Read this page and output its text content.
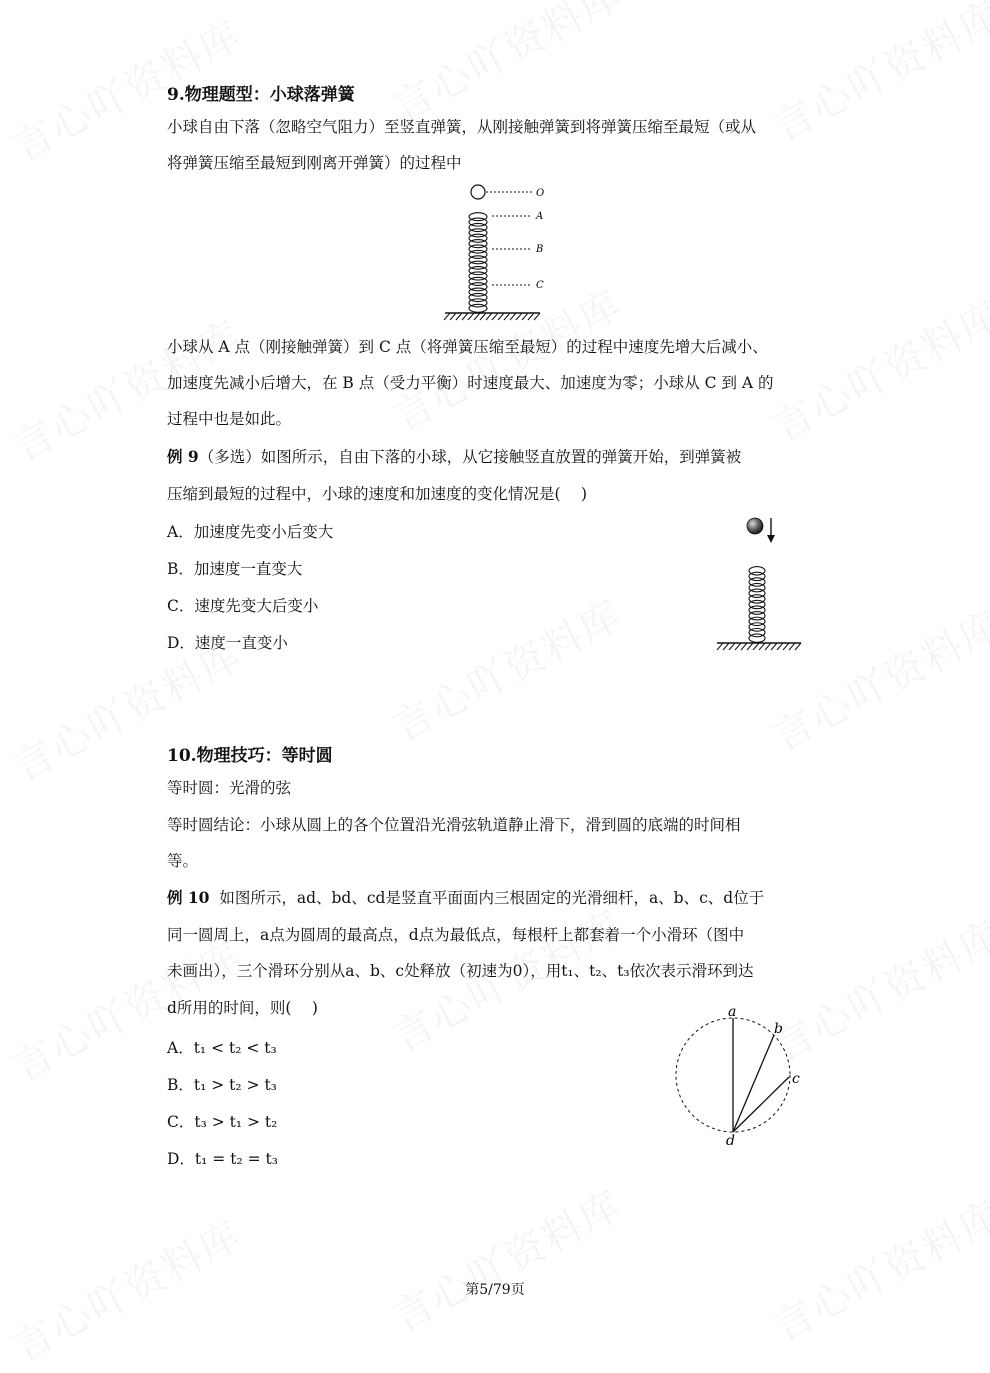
9.物理题型：小球落弹簧
小球自由下落（忽略空气阻力）至竖直弹簧，从刚接触弹簧到将弹簧压缩至最短（或从
将弹簧压缩至最短到刚离开弹簧）的过程中
O
A
B
C
小球从 A 点（刚接触弹簧）到 C 点（将弹簧压缩至最短）的过程中速度先增大后减小、
加速度先减小后增大，在 B 点（受力平衡）时速度最大、加速度为零；小球从 C 到 A 的
过程中也是如此。
例 9（多选）如图所示，自由下落的小球，从它接触竖直放置的弹簧开始，到弹簧被
压缩到最短的过程中，小球的速度和加速度的变化情况是(　 )
A．加速度先变小后变大
B．加速度一直变大
C．速度先变大后变小
D．速度一直变小
10.物理技巧：等时圆
等时圆：光滑的弦
等时圆结论：小球从圆上的各个位置沿光滑弦轨道静止滑下，滑到圆的底端的时间相
等。
例 10 如图所示，ad、bd、cd是竖直平面面内三根固定的光滑细杆，a、b、c、d位于
同一圆周上，a点为圆周的最高点，d点为最低点，每根杆上都套着一个小滑环（图中
未画出），三个滑环分别从a、b、c处释放（初速为0），用t₁、t₂、t₃依次表示滑环到达
d所用的时间，则(　 )
A．t₁ < t₂ < t₃
B．t₁ > t₂ > t₃
C．t₃ > t₁ > t₂
D．t₁ = t₂ = t₃
a
b
c
d
第5/79页
